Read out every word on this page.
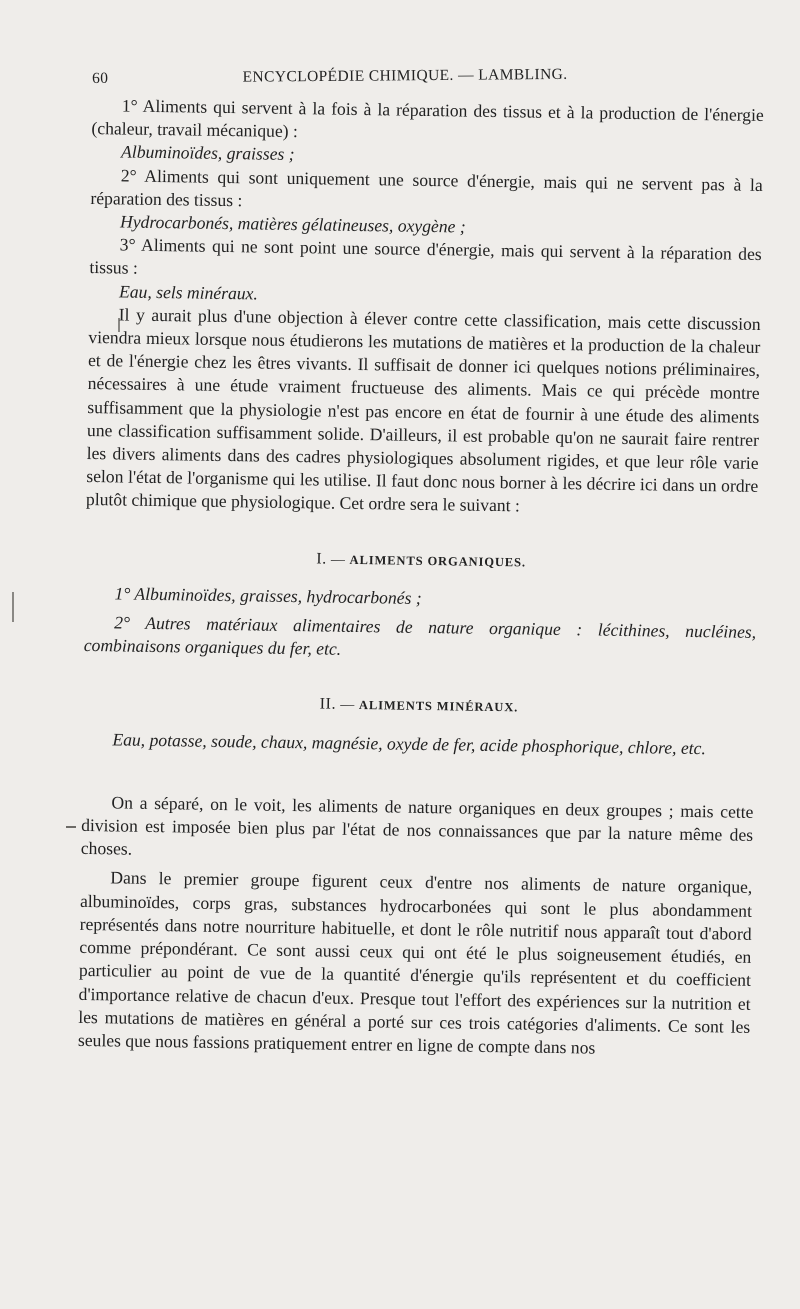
60	ENCYCLOPÉDIE CHIMIQUE. — LAMBLING.

1° Aliments qui servent à la fois à la réparation des tissus et à la production de l'énergie (chaleur, travail mécanique) :

Albuminoïdes, graisses ;

2° Aliments qui sont uniquement une source d'énergie, mais qui ne servent pas à la réparation des tissus :

Hydrocarbonés, matières gélatineuses, oxygène ;

3° Aliments qui ne sont point une source d'énergie, mais qui servent à la réparation des tissus :

Eau, sels minéraux.

Il y aurait plus d'une objection à élever contre cette classification, mais cette discussion viendra mieux lorsque nous étudierons les mutations de matières et la production de la chaleur et de l'énergie chez les êtres vivants. Il suffisait de donner ici quelques notions préliminaires, nécessaires à une étude vraiment fructueuse des aliments. Mais ce qui précède montre suffisamment que la physiologie n'est pas encore en état de fournir à une étude des aliments une classification suffisamment solide. D'ailleurs, il est probable qu'on ne saurait faire rentrer les divers aliments dans des cadres physiologiques absolument rigides, et que leur rôle varie selon l'état de l'organisme qui les utilise. Il faut donc nous borner à les décrire ici dans un ordre plutôt chimique que physiologique. Cet ordre sera le suivant :

I. — ALIMENTS ORGANIQUES.

1° Albuminoïdes, graisses, hydrocarbonés ;

2° Autres matériaux alimentaires de nature organique : lécithines, nucléines, combinaisons organiques du fer, etc.

II. — ALIMENTS MINÉRAUX.

Eau, potasse, soude, chaux, magnésie, oxyde de fer, acide phosphorique, chlore, etc.

On a séparé, on le voit, les aliments de nature organiques en deux groupes ; mais cette division est imposée bien plus par l'état de nos connaissances que par la nature même des choses.

Dans le premier groupe figurent ceux d'entre nos aliments de nature organique, albuminoïdes, corps gras, substances hydrocarbonées qui sont le plus abondamment représentés dans notre nourriture habituelle, et dont le rôle nutritif nous apparaît tout d'abord comme prépondérant. Ce sont aussi ceux qui ont été le plus soigneusement étudiés, en particulier au point de vue de la quantité d'énergie qu'ils représentent et du coefficient d'importance relative de chacun d'eux. Presque tout l'effort des expériences sur la nutrition et les mutations de matières en général a porté sur ces trois catégories d'aliments. Ce sont les seules que nous fassions pratiquement entrer en ligne de compte dans nos
